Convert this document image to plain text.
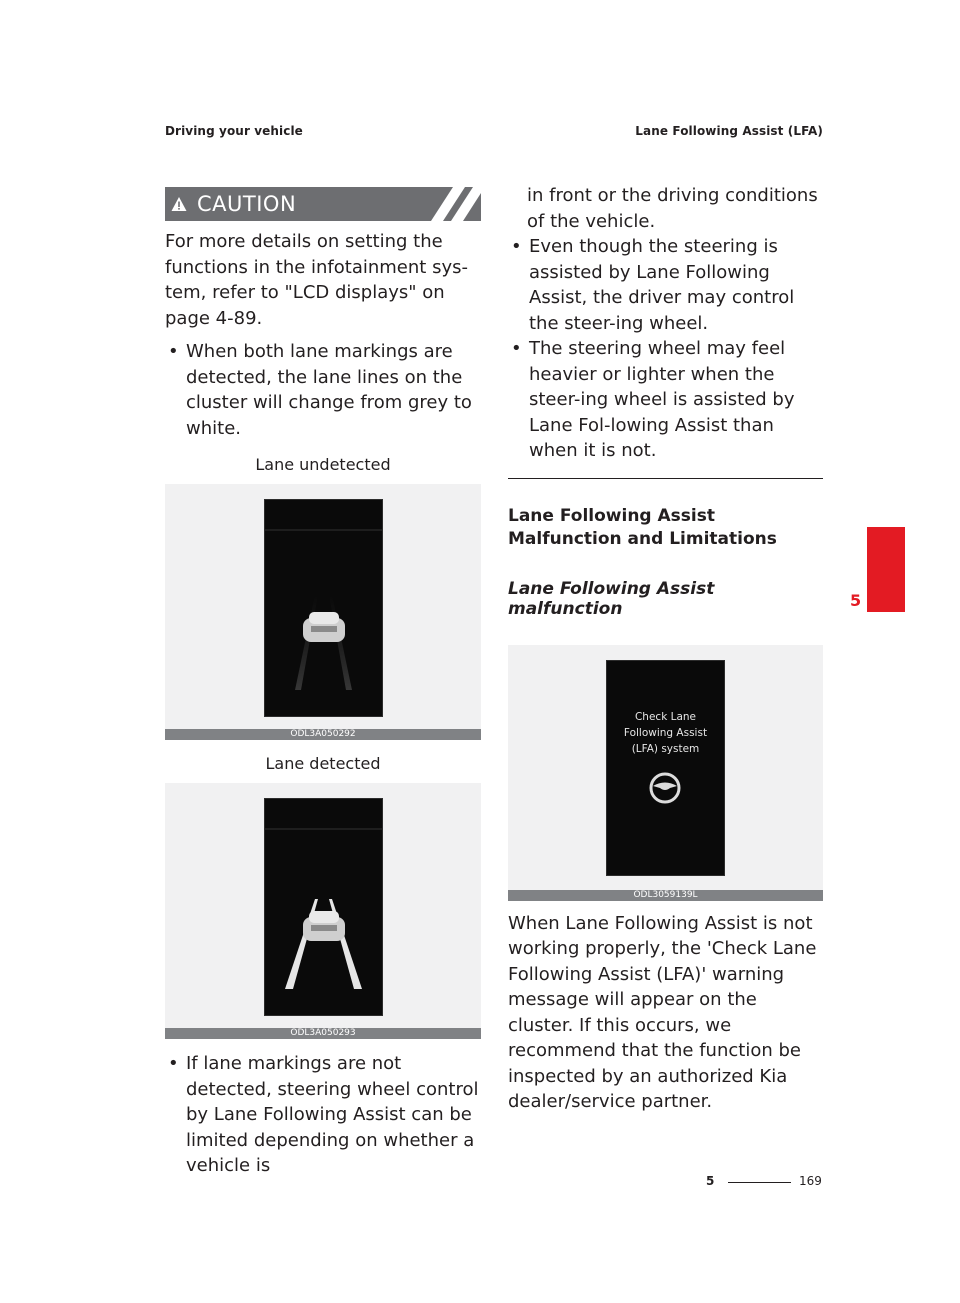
Driving your vehicle	Lane Following Assist (LFA)
CAUTION

For more details on setting the functions in the infotainment sys-tem, refer to "LCD displays" on page 4-89.

• When both lane markings are detected, the lane lines on the cluster will change from grey to white.

Lane undetected
ODL3A050292
Lane detected
ODL3A050293

• If lane markings are not detected, steering wheel control by Lane Following Assist can be limited depending on whether a vehicle is

in front or the driving conditions of the vehicle.

• Even though the steering is assisted by Lane Following Assist, the driver may control the steer-ing wheel.

• The steering wheel may feel heavier or lighter when the steer-ing wheel is assisted by Lane Fol-lowing Assist than when it is not.

Lane Following Assist Malfunction and Limitations
Lane Following Assist malfunction
Check Lane
Following Assist
(LFA) system
ODL3059139L

When Lane Following Assist is not working properly, the 'Check Lane Following Assist (LFA)' warning message will appear on the cluster. If this occurs, we recommend that the function be inspected by an authorized Kia dealer/service partner.

5
5	169
